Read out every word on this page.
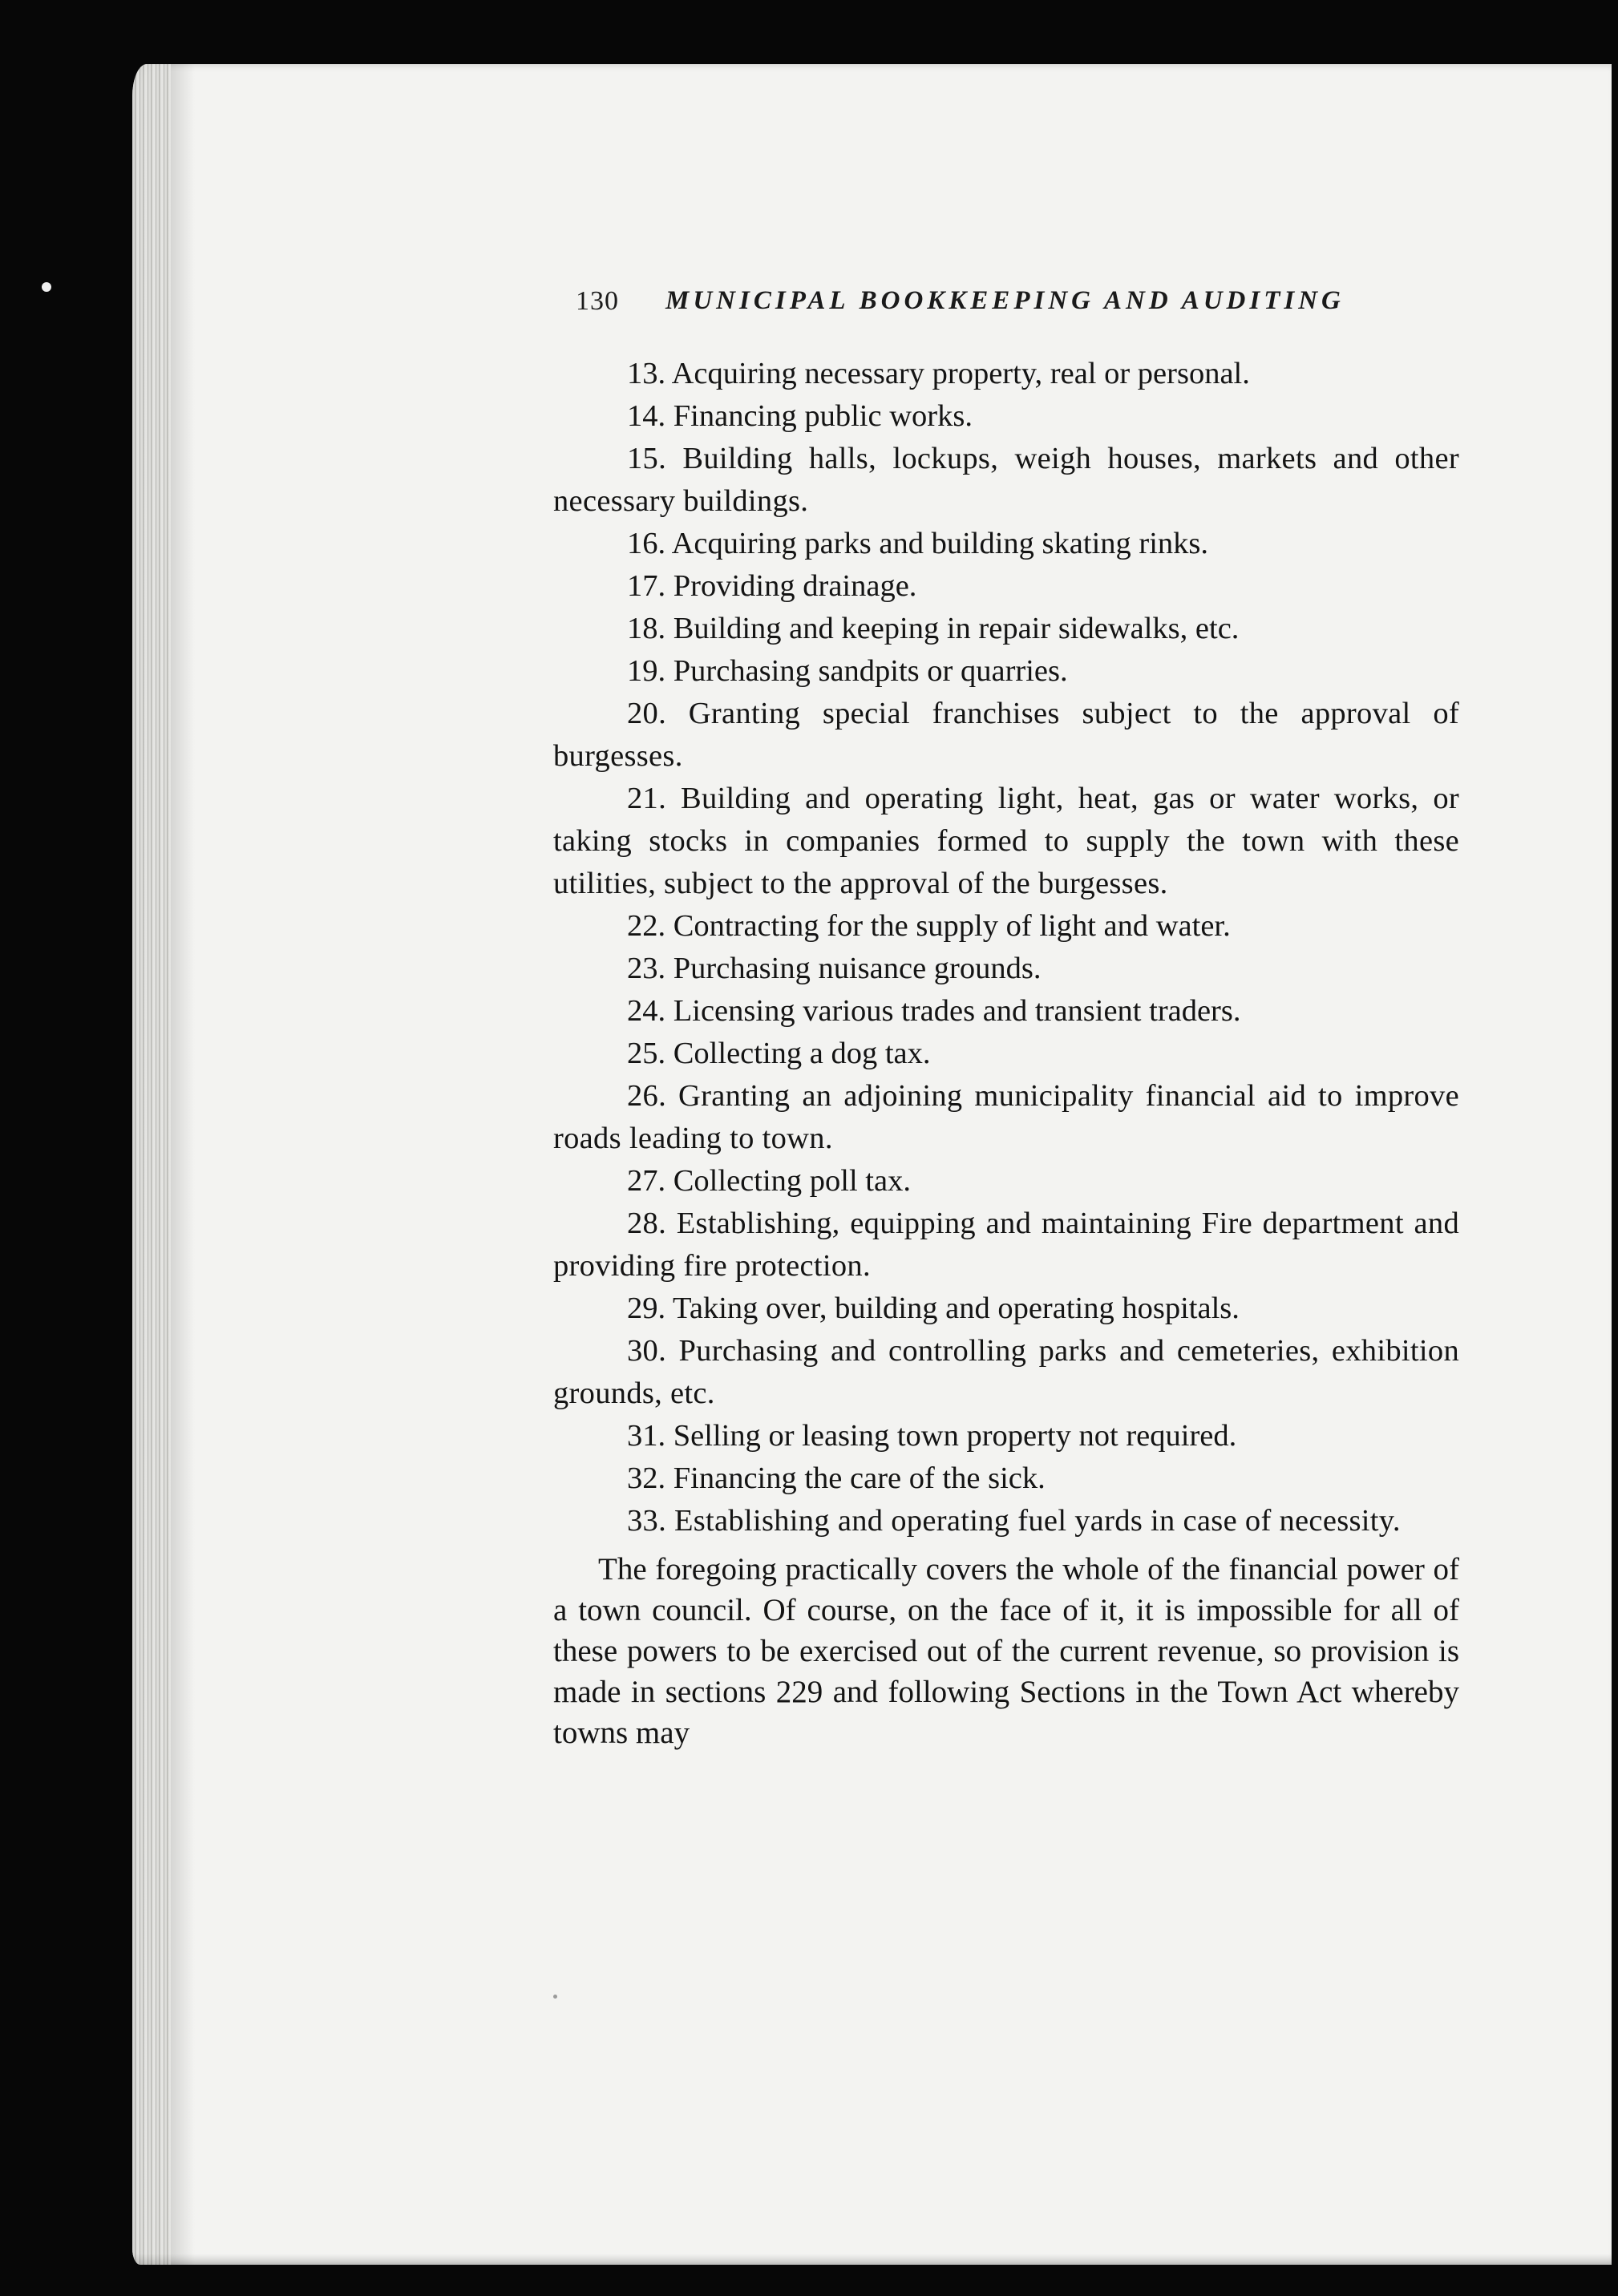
130 MUNICIPAL BOOKKEEPING AND AUDITING

13. Acquiring necessary property, real or personal.

14. Financing public works.

15. Building halls, lockups, weigh houses, markets and other necessary buildings.

16. Acquiring parks and building skating rinks.

17. Providing drainage.

18. Building and keeping in repair sidewalks, etc.

19. Purchasing sandpits or quarries.

20. Granting special franchises subject to the approval of burgesses.

21. Building and operating light, heat, gas or water works, or taking stocks in companies formed to supply the town with these utilities, subject to the approval of the burgesses.

22. Contracting for the supply of light and water.

23. Purchasing nuisance grounds.

24. Licensing various trades and transient traders.

25. Collecting a dog tax.

26. Granting an adjoining municipality financial aid to improve roads leading to town.

27. Collecting poll tax.

28. Establishing, equipping and maintaining Fire department and providing fire protection.

29. Taking over, building and operating hospitals.

30. Purchasing and controlling parks and cemeteries, exhibition grounds, etc.

31. Selling or leasing town property not required.

32. Financing the care of the sick.

33. Establishing and operating fuel yards in case of necessity.

The foregoing practically covers the whole of the financial power of a town council. Of course, on the face of it, it is impossible for all of these powers to be exercised out of the current revenue, so provision is made in sections 229 and following Sections in the Town Act whereby towns may
